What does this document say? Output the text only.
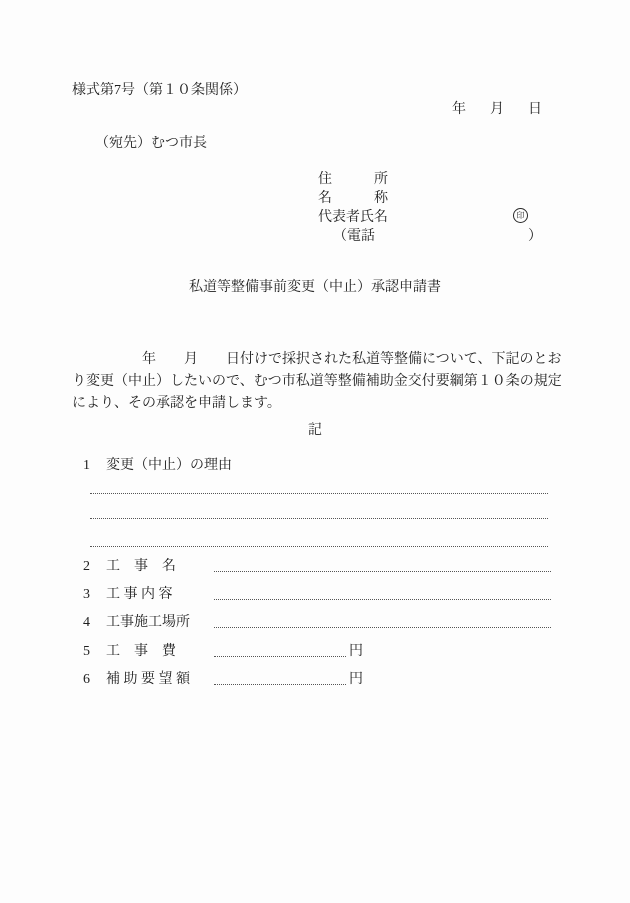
様式第7号（第１０条関係）
年 月 日
（宛先）むつ市長
住　　　所
名　　　称
代表者氏名	印
（電話	）
私道等整備事前変更（中止）承認申請書
　　　　　年　　月　　日付けで採択された私道等整備について、下記のとお
り変更（中止）したいので、むつ市私道等整備補助金交付要綱第１０条の規定
により、その承認を申請します。
記
1	変更（中止）の理由
2	工　事　名
3	工 事 内 容
4	工事施工場所
5	工　事　費	円
6	補 助 要 望 額	円
